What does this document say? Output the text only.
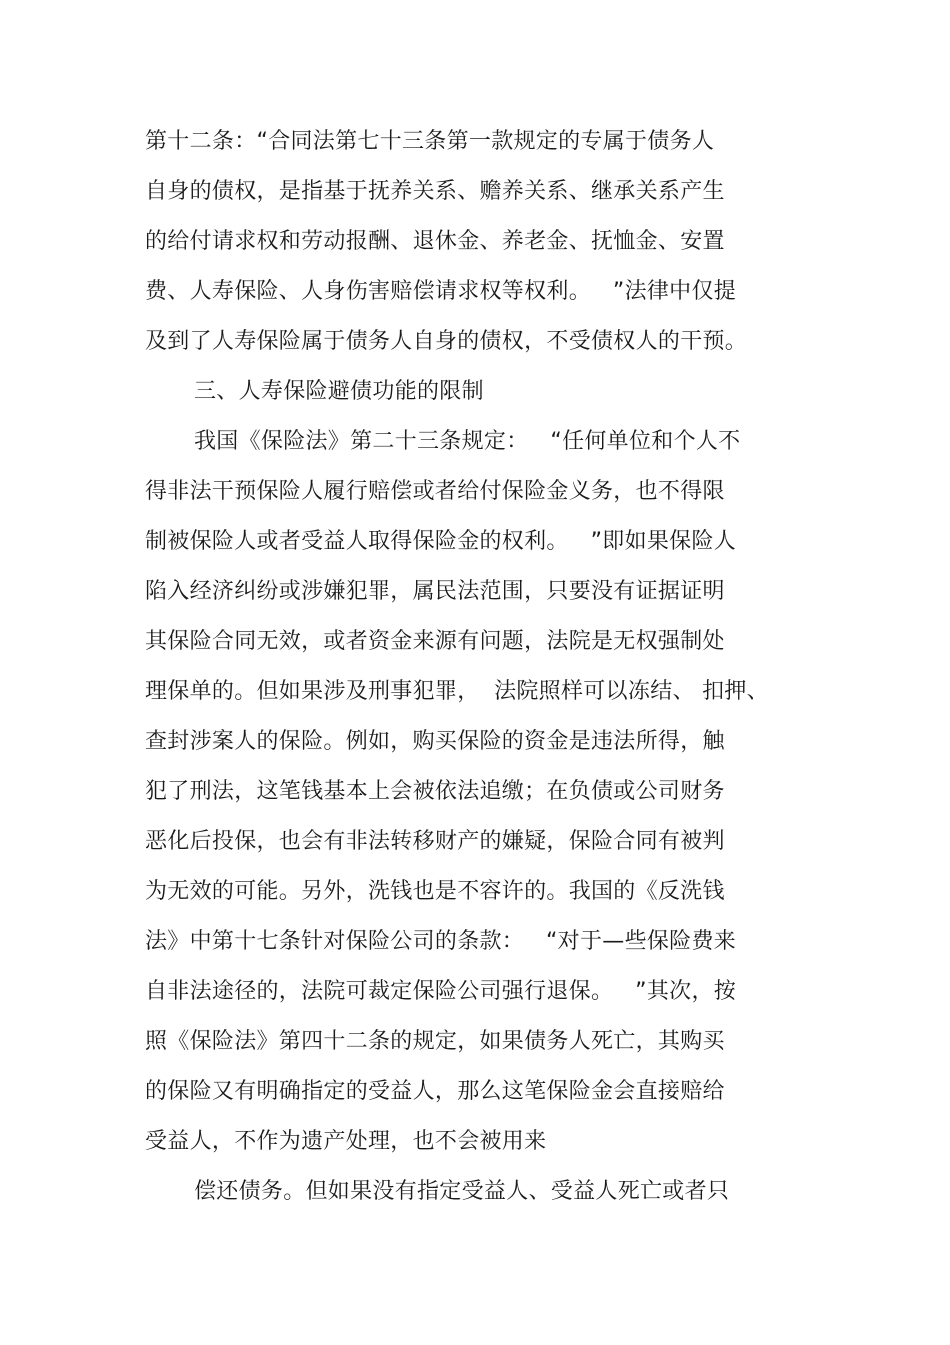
第十二条：“合同法第七十三条第一款规定的专属于债务人

自身的债权，是指基于抚养关系、赡养关系、继承关系产生

的给付请求权和劳动报酬、退休金、养老金、抚恤金、安置

费、人寿保险、人身伤害赔偿请求权等权利。   ”法律中仅提

及到了人寿保险属于债务人自身的债权，不受债权人的干预。

三、人寿保险避债功能的限制

我国《保险法》第二十三条规定：   “任何单位和个人不

得非法干预保险人履行赔偿或者给付保险金义务，也不得限

制被保险人或者受益人取得保险金的权利。   ”即如果保险人

陷入经济纠纷或涉嫌犯罪，属民法范围，只要没有证据证明

其保险合同无效，或者资金来源有问题，法院是无权强制处

理保单的。但如果涉及刑事犯罪，  法院照样可以冻结、 扣押、

查封涉案人的保险。例如，购买保险的资金是违法所得，触

犯了刑法，这笔钱基本上会被依法追缴；在负债或公司财务

恶化后投保，也会有非法转移财产的嫌疑，保险合同有被判

为无效的可能。另外，洗钱也是不容许的。我国的《反洗钱

法》中第十七条针对保险公司的条款：   “对于—些保险费来

自非法途径的，法院可裁定保险公司强行退保。   ”其次，按

照《保险法》第四十二条的规定，如果债务人死亡，其购买

的保险又有明确指定的受益人，那么这笔保险金会直接赔给

受益人，不作为遗产处理，也不会被用来

偿还债务。但如果没有指定受益人、受益人死亡或者只
